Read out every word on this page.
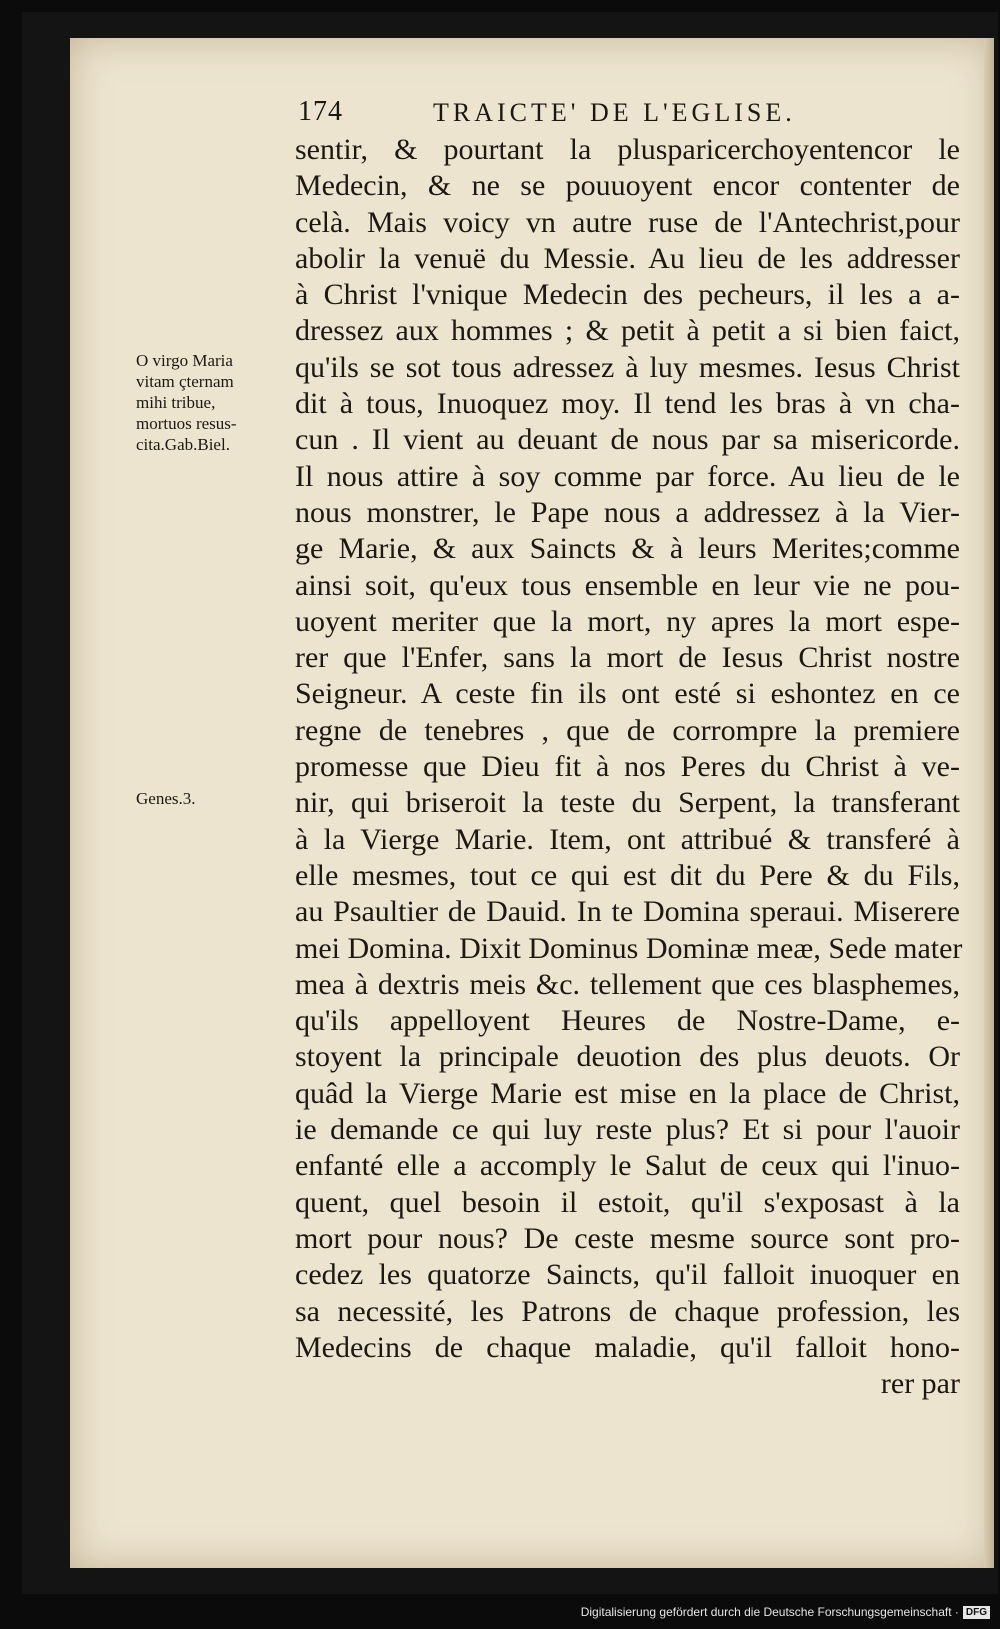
174	TRAICTE' DE L'EGLISE.
O virgo Maria
vitam çternam
mihi tribue,
mortuos resus-
cita.Gab.Biel.
Genes.3.
sentir, & pourtant la plusparicerchoyentencor le
Medecin, & ne se pouuoyent encor contenter de
celà. Mais voicy vn autre ruse de l'Antechrist,pour
abolir la venuë du Messie. Au lieu de les addresser
à Christ l'vnique Medecin des pecheurs, il les a a-
dressez aux hommes ; & petit à petit a si bien faict,
qu'ils se sot tous adressez à luy mesmes. Iesus Christ
dit à tous, Inuoquez moy. Il tend les bras à vn cha-
cun . Il vient au deuant de nous par sa misericorde.
Il nous attire à soy comme par force. Au lieu de le
nous monstrer, le Pape nous a addressez à la Vier-
ge Marie, & aux Saincts & à leurs Merites;comme
ainsi soit, qu'eux tous ensemble en leur vie ne pou-
uoyent meriter que la mort, ny apres la mort espe-
rer que l'Enfer, sans la mort de Iesus Christ nostre
Seigneur. A ceste fin ils ont esté si eshontez en ce
regne de tenebres , que de corrompre la premiere
promesse que Dieu fit à nos Peres du Christ à ve-
nir, qui briseroit la teste du Serpent, la transferant
à la Vierge Marie. Item, ont attribué & transferé à
elle mesmes, tout ce qui est dit du Pere & du Fils,
au Psaultier de Dauid. In te Domina speraui. Miserere
mei Domina. Dixit Dominus Dominæ meæ, Sede mater
mea à dextris meis &c. tellement que ces blasphemes,
qu'ils appelloyent Heures de Nostre-Dame, e-
stoyent la principale deuotion des plus deuots. Or
quâd la Vierge Marie est mise en la place de Christ,
ie demande ce qui luy reste plus? Et si pour l'auoir
enfanté elle a accomply le Salut de ceux qui l'inuo-
quent, quel besoin il estoit, qu'il s'exposast à la
mort pour nous? De ceste mesme source sont pro-
cedez les quatorze Saincts, qu'il falloit inuoquer en
sa necessité, les Patrons de chaque profession, les
Medecins de chaque maladie, qu'il falloit hono-
rer par
Digitalisierung gefördert durch die Deutsche Forschungsgemeinschaft · DFG
